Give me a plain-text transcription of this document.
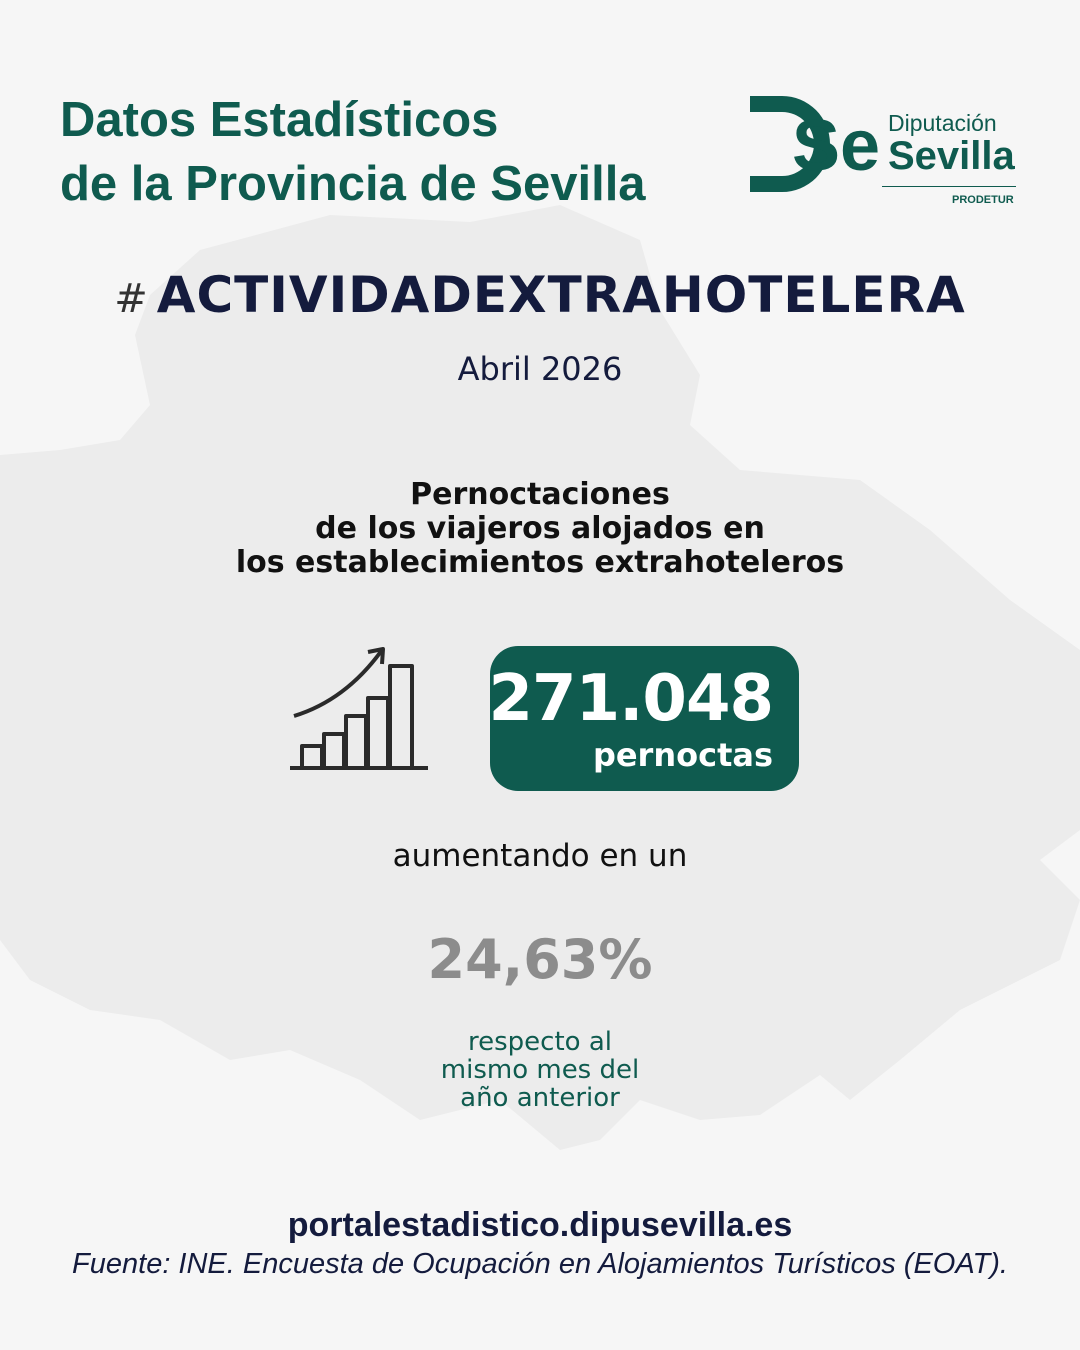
Datos Estadísticos
de la Provincia de Sevilla Se Diputación
Sevilla
PRODETUR
# ACTIVIDADEXTRAHOTELERA
Abril 2026
Pernoctaciones
de los viajeros alojados en
los establecimientos extrahoteleros
271.048
pernoctas
aumentando en un
24,63%
respecto al
mismo mes del
año anterior
portalestadistico.dipusevilla.es
Fuente: INE. Encuesta de Ocupación en Alojamientos Turísticos (EOAT).
